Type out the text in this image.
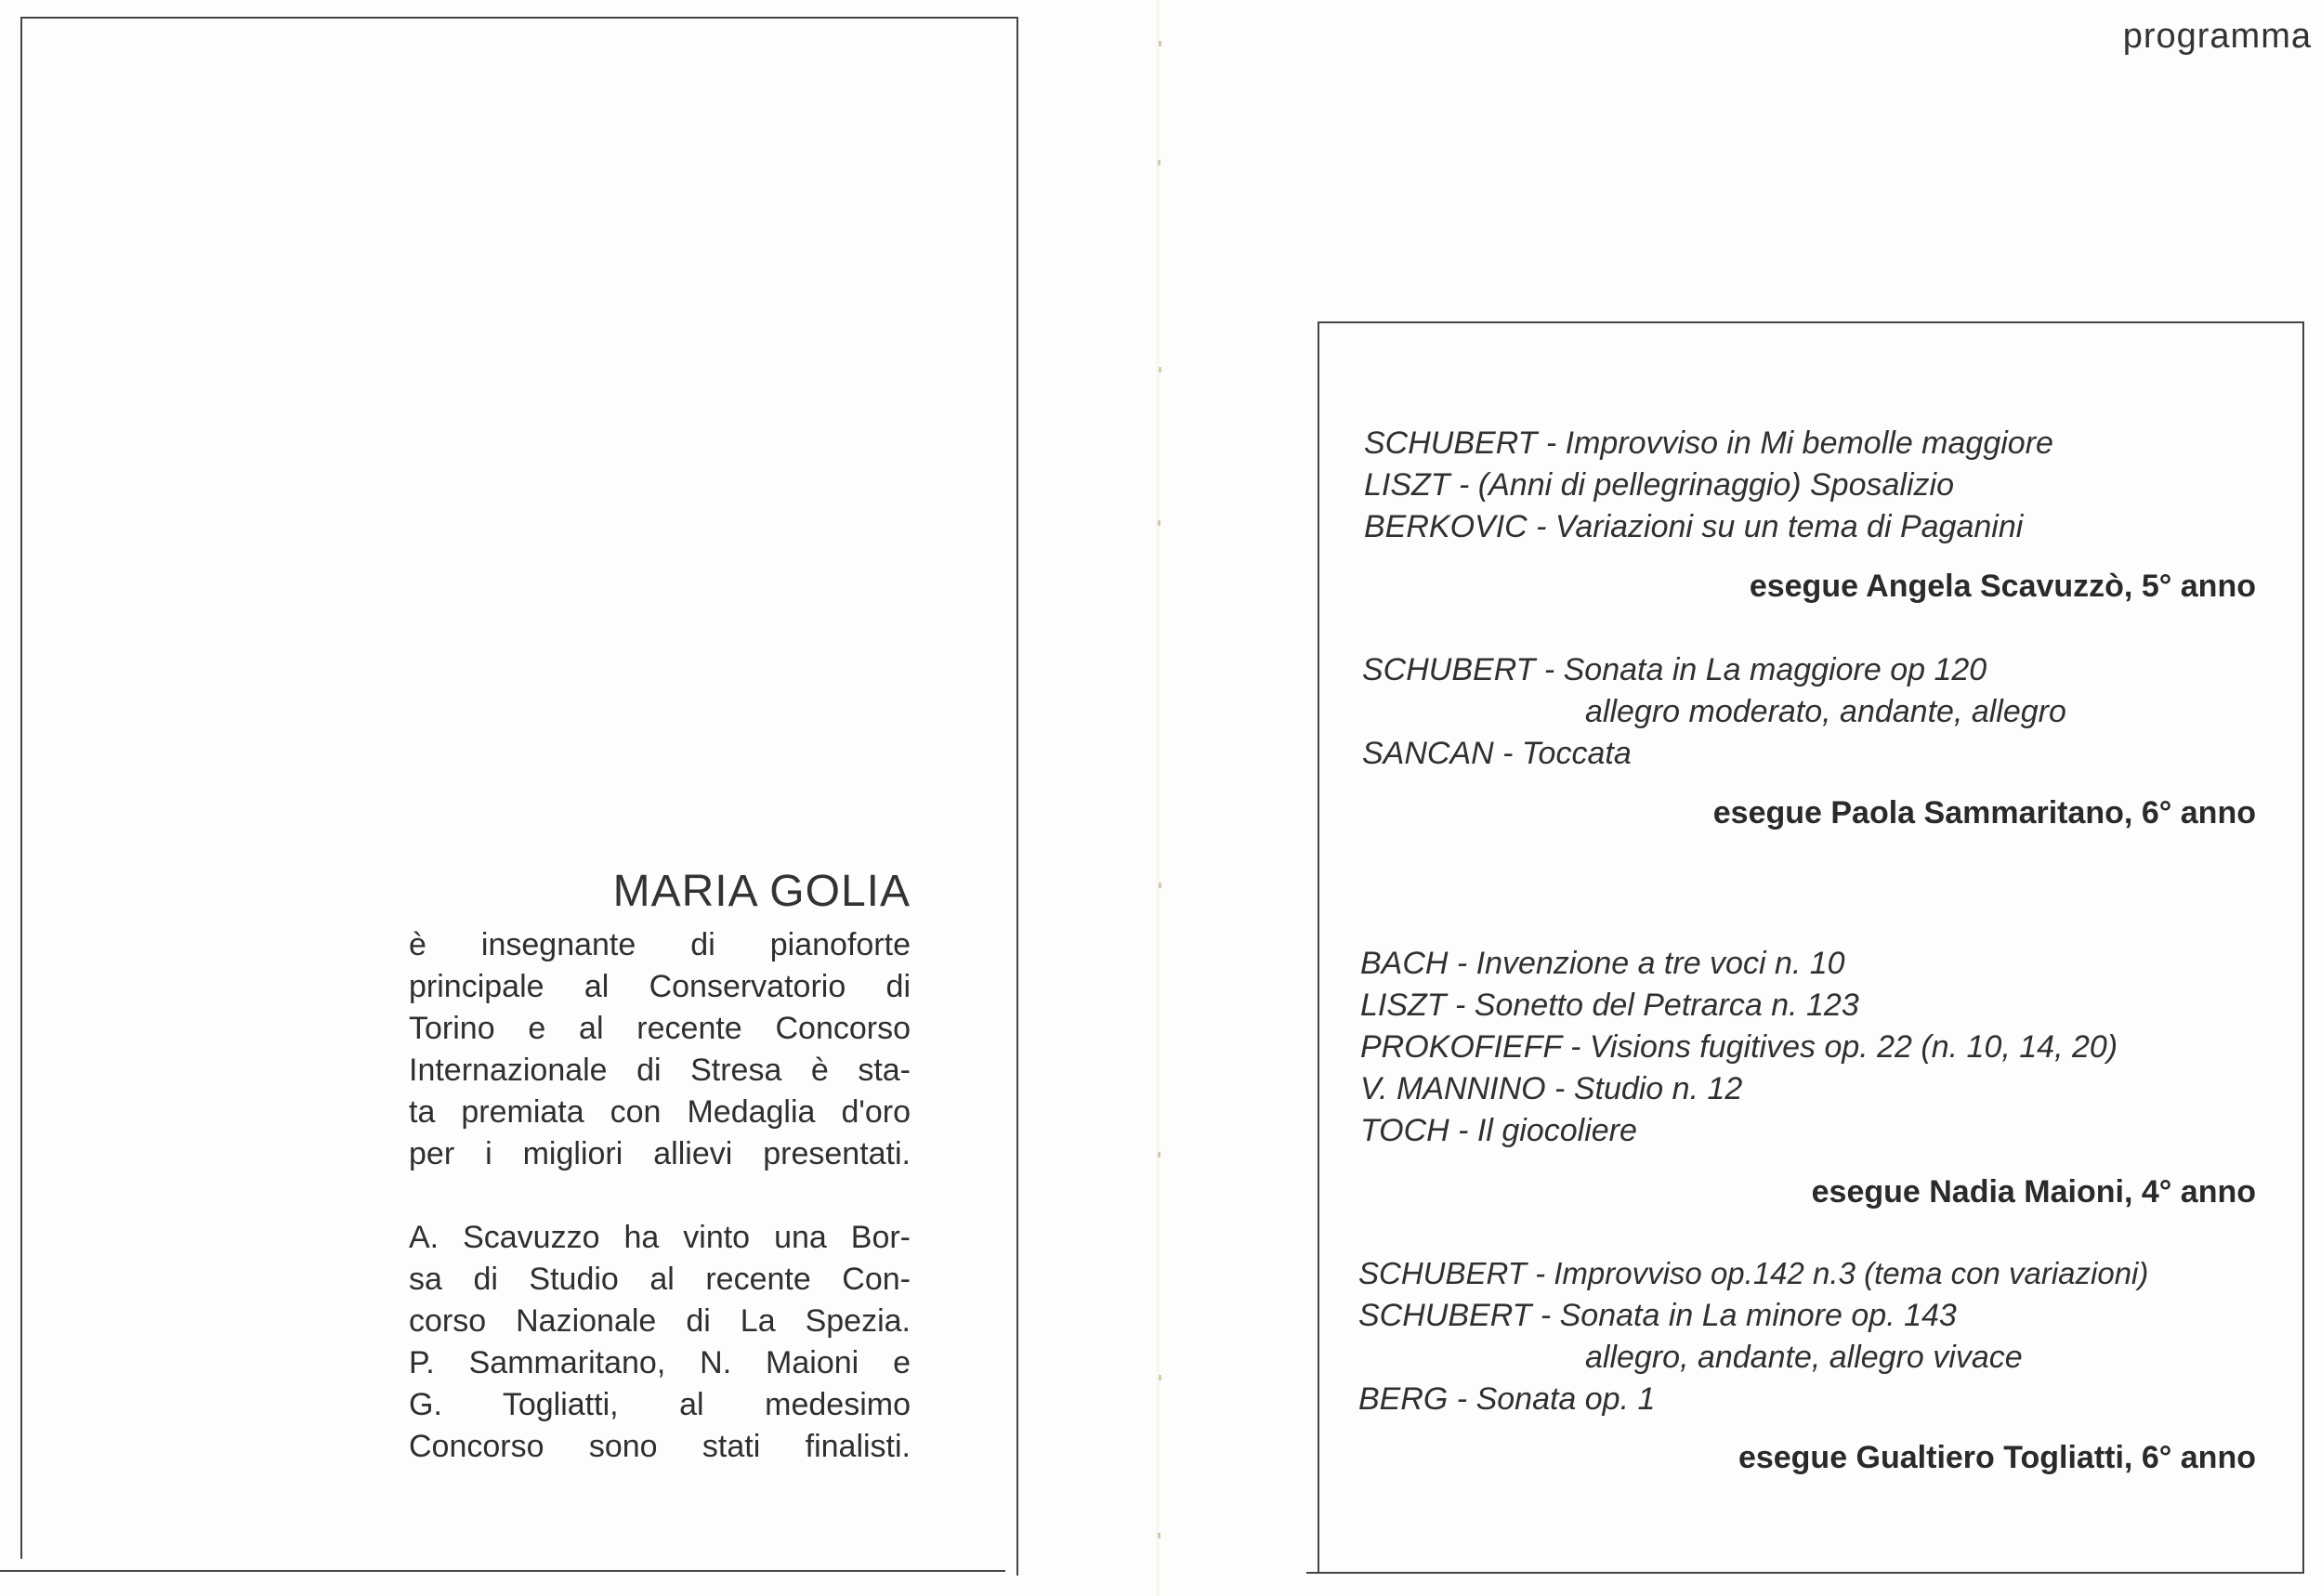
MARIA GOLIA
è insegnante di pianoforte
principale al Conservatorio di
Torino e al recente Concorso
Internazionale di Stresa è sta-
ta premiata con Medaglia d'oro
per i migliori allievi presentati.
A. Scavuzzo ha vinto una Bor-
sa di Studio al recente Con-
corso Nazionale di La Spezia.
P. Sammaritano, N. Maioni e
G. Togliatti, al medesimo
Concorso sono stati finalisti.
programma
SCHUBERT - Improvviso in Mi bemolle maggiore
LISZT - (Anni di pellegrinaggio) Sposalizio
BERKOVIC - Variazioni su un tema di Paganini
esegue Angela Scavuzzò, 5° anno
SCHUBERT - Sonata in La maggiore op 120
allegro moderato, andante, allegro
SANCAN - Toccata
esegue Paola Sammaritano, 6° anno
BACH - Invenzione a tre voci n. 10
LISZT - Sonetto del Petrarca n. 123
PROKOFIEFF - Visions fugitives op. 22 (n. 10, 14, 20)
V. MANNINO - Studio n. 12
TOCH - Il giocoliere
esegue Nadia Maioni, 4° anno
SCHUBERT - Improvviso op.142 n.3 (tema con variazioni)
SCHUBERT - Sonata in La minore op. 143
allegro, andante, allegro vivace
BERG - Sonata op. 1
esegue Gualtiero Togliatti, 6° anno
